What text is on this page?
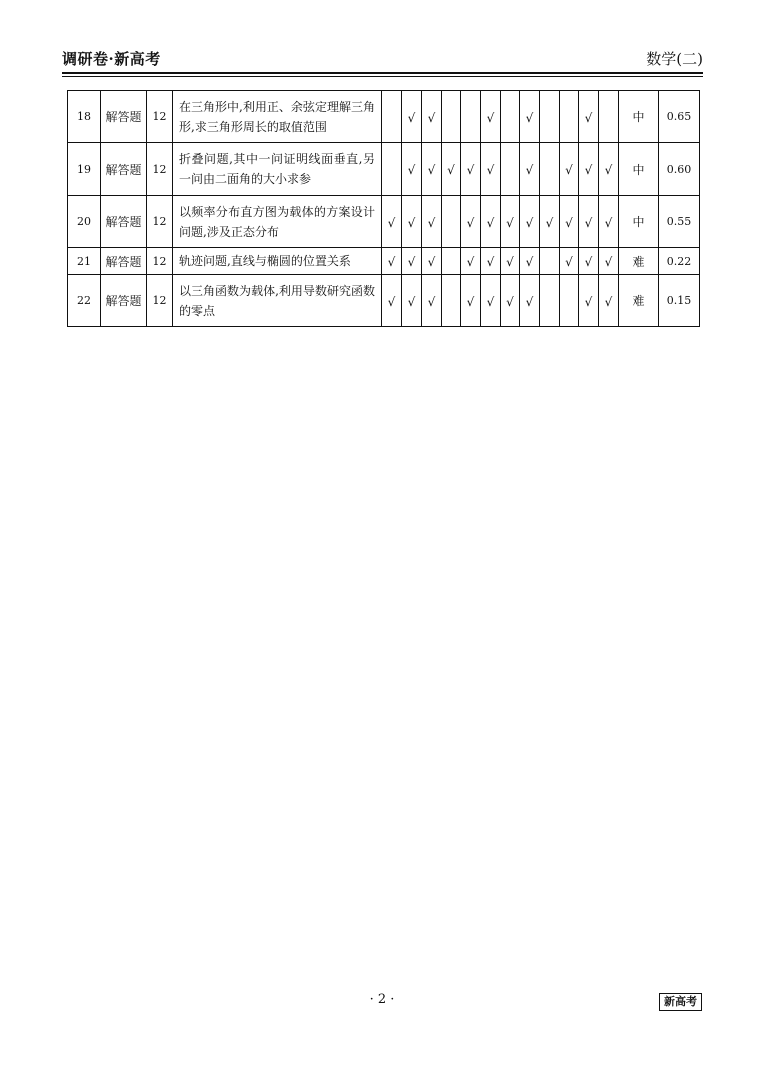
调研卷·新高考	数学(二)
18	解答题	12	在三角形中,利用正、余弦定理解三角形,求三角形周长的取值范围		√	√			√		√			√		中	0.65
19	解答题	12	折叠问题,其中一问证明线面垂直,另一问由二面角的大小求参		√	√	√	√	√		√		√	√	√	中	0.60
20	解答题	12	以频率分布直方图为载体的方案设计问题,涉及正态分布	√	√	√		√	√	√	√	√	√	√	√	中	0.55
21	解答题	12	轨迹问题,直线与椭圆的位置关系	√	√	√		√	√	√	√		√	√	√	难	0.22
22	解答题	12	以三角函数为载体,利用导数研究函数的零点	√	√	√		√	√	√	√			√	√	难	0.15
· 2 ·	新高考
